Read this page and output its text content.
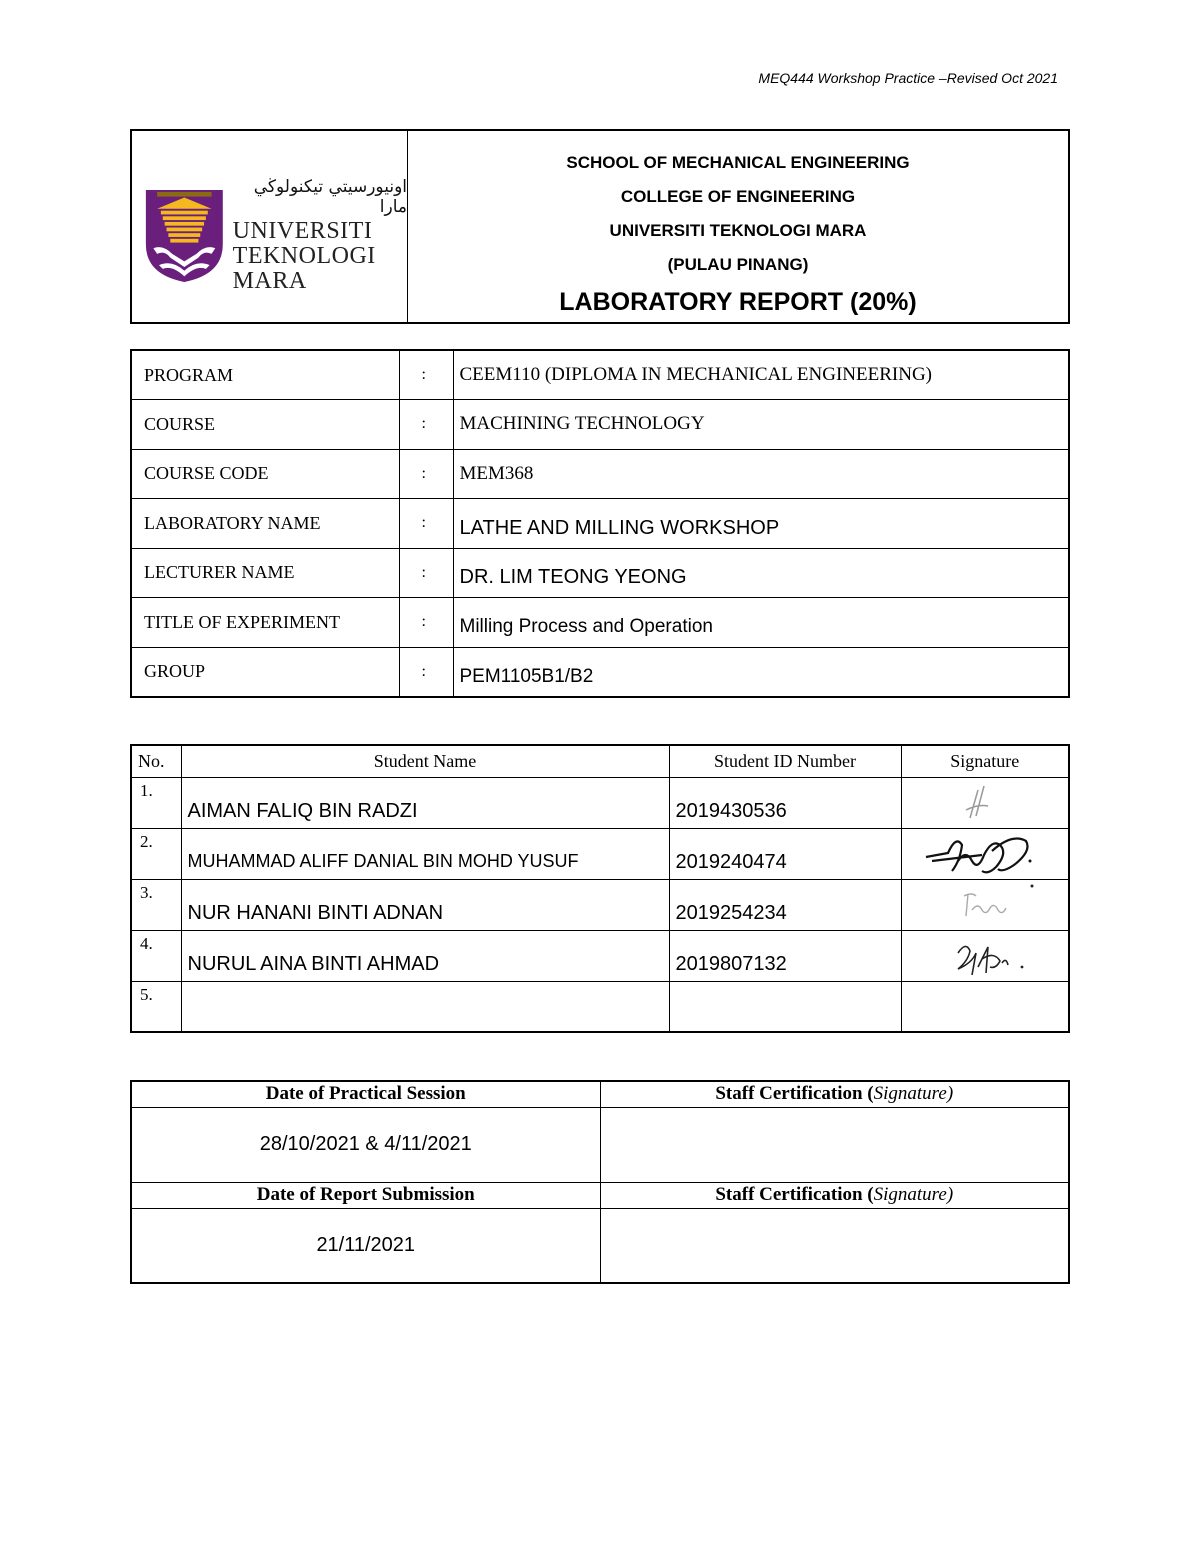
MEQ444 Workshop Practice –Revised Oct 2021
اونيورسيتي تيكنولوڬي مارا
UNIVERSITI
TEKNOLOGI
MARA
SCHOOL OF MECHANICAL ENGINEERING
COLLEGE OF ENGINEERING
UNIVERSITI TEKNOLOGI MARA
(PULAU PINANG)
LABORATORY REPORT (20%)
PROGRAM	:	CEEM110 (DIPLOMA IN MECHANICAL ENGINEERING)
COURSE	:	MACHINING TECHNOLOGY
COURSE CODE	:	MEM368
LABORATORY NAME	:	LATHE AND MILLING WORKSHOP
LECTURER NAME	:	DR. LIM TEONG YEONG
TITLE OF EXPERIMENT	:	Milling Process and Operation
GROUP	:	PEM1105B1/B2
No.	Student Name	Student ID Number	Signature
1.	AIMAN FALIQ BIN RADZI	2019430536	

2.	MUHAMMAD ALIFF DANIAL BIN MOHD YUSUF	2019240474	

3.	NUR HANANI BINTI ADNAN	2019254234	

4.	NURUL AINA BINTI AHMAD	2019807132	

5.			
Date of Practical Session	Staff Certification (Signature)
28/10/2021 & 4/11/2021	
Date of Report Submission	Staff Certification (Signature)
21/11/2021	
